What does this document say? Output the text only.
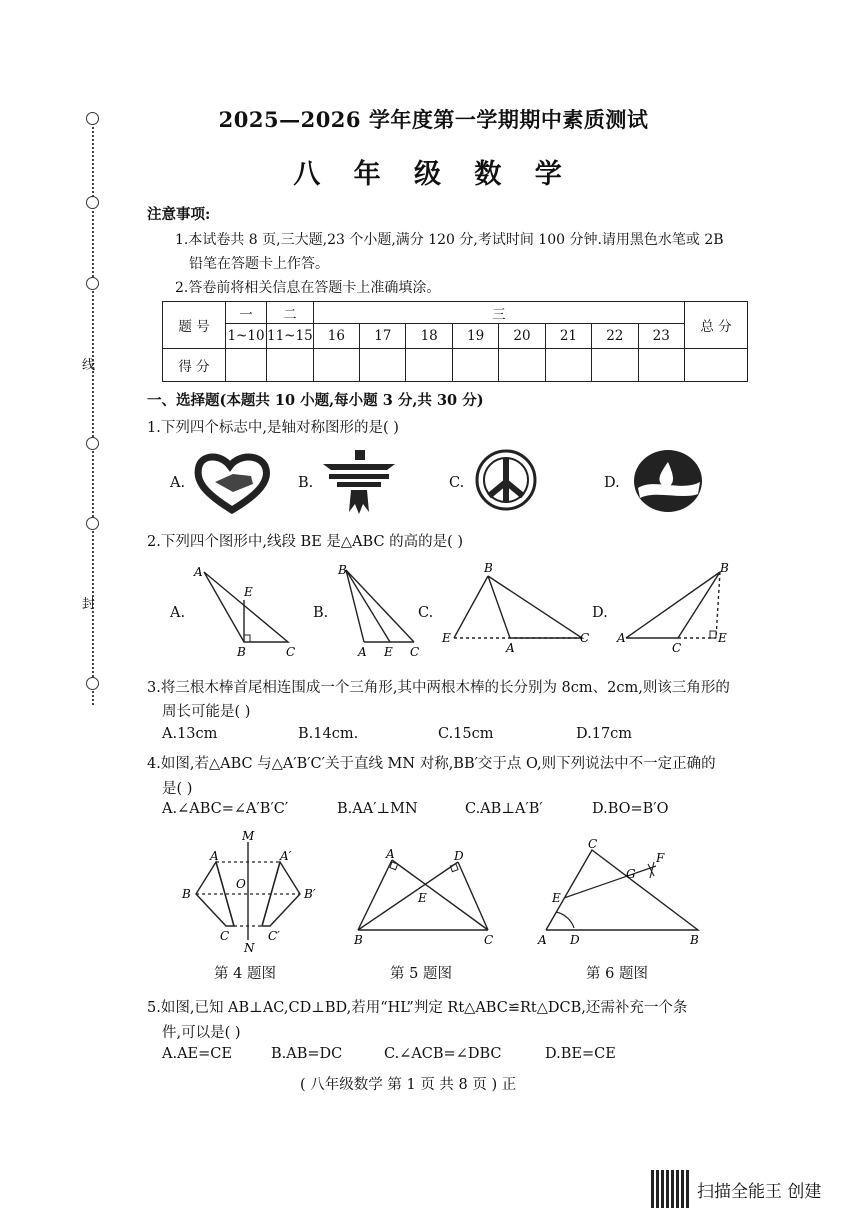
线
封
2025—2026 学年度第一学期期中素质测试
八 年 级 数 学
注意事项:
1.本试卷共 8 页,三大题,23 个小题,满分 120 分,考试时间 100 分钟.请用黑色水笔或 2B
铅笔在答题卡上作答。
2.答卷前将相关信息在答题卡上准确填涂。
题 号	一	二	三								总 分
	1~10	11~15	16	17	18	19	20	21	22	23	
得 分											
一、选择题(本题共 10 小题,每小题 3 分,共 30 分)
1.下列四个标志中,是轴对称图形的是( )
A.	B.	C.	D.
2.下列四个图形中,线段 BE 是△ABC 的高的是( )
A.	B.	C.	D.
A
E
B	C
B
A E C
B
E
A
C A
B
C
E
3.将三根木棒首尾相连围成一个三角形,其中两根木棒的长分别为 8cm、2cm,则该三角形的
周长可能是( )
A.13cm	B.14cm.	C.15cm	D.17cm
4.如图,若△ABC 与△A′B′C′关于直线 MN 对称,BB′交于点 O,则下列说法中不一定正确的
是( )
A.∠ABC=∠A′B′C′	B.AA′⊥MN	C.AB⊥A′B′	D.BO=B′O
M
N
A	A′
B	B′
O
C	C′
A	D
E
B	C
C
F
G
E
A D	B
第 4 题图	第 5 题图	第 6 题图
5.如图,已知 AB⊥AC,CD⊥BD,若用“HL”判定 Rt△ABC≌Rt△DCB,还需补充一个条
件,可以是( )
A.AE=CE	B.AB=DC	C.∠ACB=∠DBC	D.BE=CE
( 八年级数学 第 1 页 共 8 页 ) 正
扫描全能王 创建
